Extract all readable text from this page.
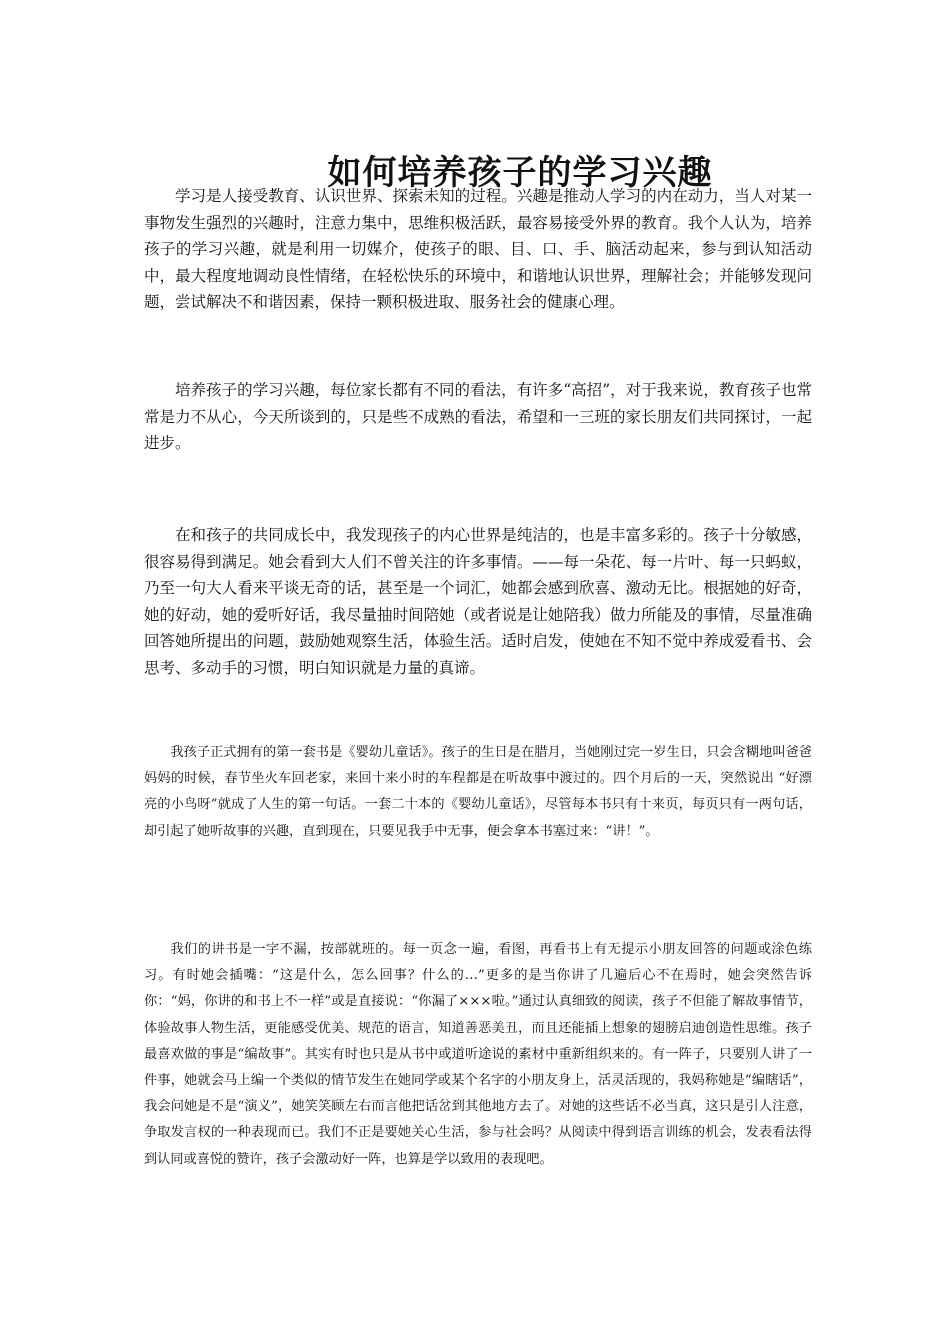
如何培养孩子的学习兴趣

学习是人接受教育、认识世界、探索未知的过程。兴趣是推动人学习的内在动力，当人对某一事物发生强烈的兴趣时，注意力集中，思维积极活跃，最容易接受外界的教育。我个人认为，培养孩子的学习兴趣，就是利用一切媒介，使孩子的眼、目、口、手、脑活动起来，参与到认知活动中，最大程度地调动良性情绪，在轻松快乐的环境中，和谐地认识世界，理解社会；并能够发现问题，尝试解决不和谐因素，保持一颗积极进取、服务社会的健康心理。

培养孩子的学习兴趣，每位家长都有不同的看法，有许多“高招”，对于我来说，教育孩子也常常是力不从心，今天所谈到的，只是些不成熟的看法，希望和一三班的家长朋友们共同探讨，一起进步。

在和孩子的共同成长中，我发现孩子的内心世界是纯洁的，也是丰富多彩的。孩子十分敏感，很容易得到满足。她会看到大人们不曾关注的许多事情。——每一朵花、每一片叶、每一只蚂蚁，乃至一句大人看来平谈无奇的话，甚至是一个词汇，她都会感到欣喜、激动无比。根据她的好奇，她的好动，她的爱听好话，我尽量抽时间陪她（或者说是让她陪我）做力所能及的事情，尽量准确回答她所提出的问题，鼓励她观察生活，体验生活。适时启发，使她在不知不觉中养成爱看书、会思考、多动手的习惯，明白知识就是力量的真谛。

我孩子正式拥有的第一套书是《婴幼儿童话》。孩子的生日是在腊月，当她刚过完一岁生日，只会含糊地叫爸爸妈妈的时候，春节坐火车回老家，来回十来小时的车程都是在听故事中渡过的。四个月后的一天，突然说出 “好漂亮的小鸟呀”就成了人生的第一句话。一套二十本的《婴幼儿童话》，尽管每本书只有十来页，每页只有一两句话，却引起了她听故事的兴趣，直到现在，只要见我手中无事，便会拿本书塞过来：“讲！”。

我们的讲书是一字不漏，按部就班的。每一页念一遍，看图，再看书上有无提示小朋友回答的问题或涂色练习。有时她会插嘴：“这是什么，怎么回事？什么的…”更多的是当你讲了几遍后心不在焉时，她会突然告诉你：“妈，你讲的和书上不一样”或是直接说：“你漏了×××啦。”通过认真细致的阅读，孩子不但能了解故事情节，体验故事人物生活，更能感受优美、规范的语言，知道善恶美丑，而且还能插上想象的翅膀启迪创造性思维。孩子最喜欢做的事是“编故事”。其实有时也只是从书中或道听途说的素材中重新组织来的。有一阵子，只要别人讲了一件事，她就会马上编一个类似的情节发生在她同学或某个名字的小朋友身上，活灵活现的，我妈称她是“编瞎话”，我会问她是不是“演义”，她笑笑顾左右而言他把话岔到其他地方去了。对她的这些话不必当真，这只是引人注意，争取发言权的一种表现而已。我们不正是要她关心生活，参与社会吗？从阅读中得到语言训练的机会，发表看法得到认同或喜悦的赞许，孩子会激动好一阵，也算是学以致用的表现吧。
